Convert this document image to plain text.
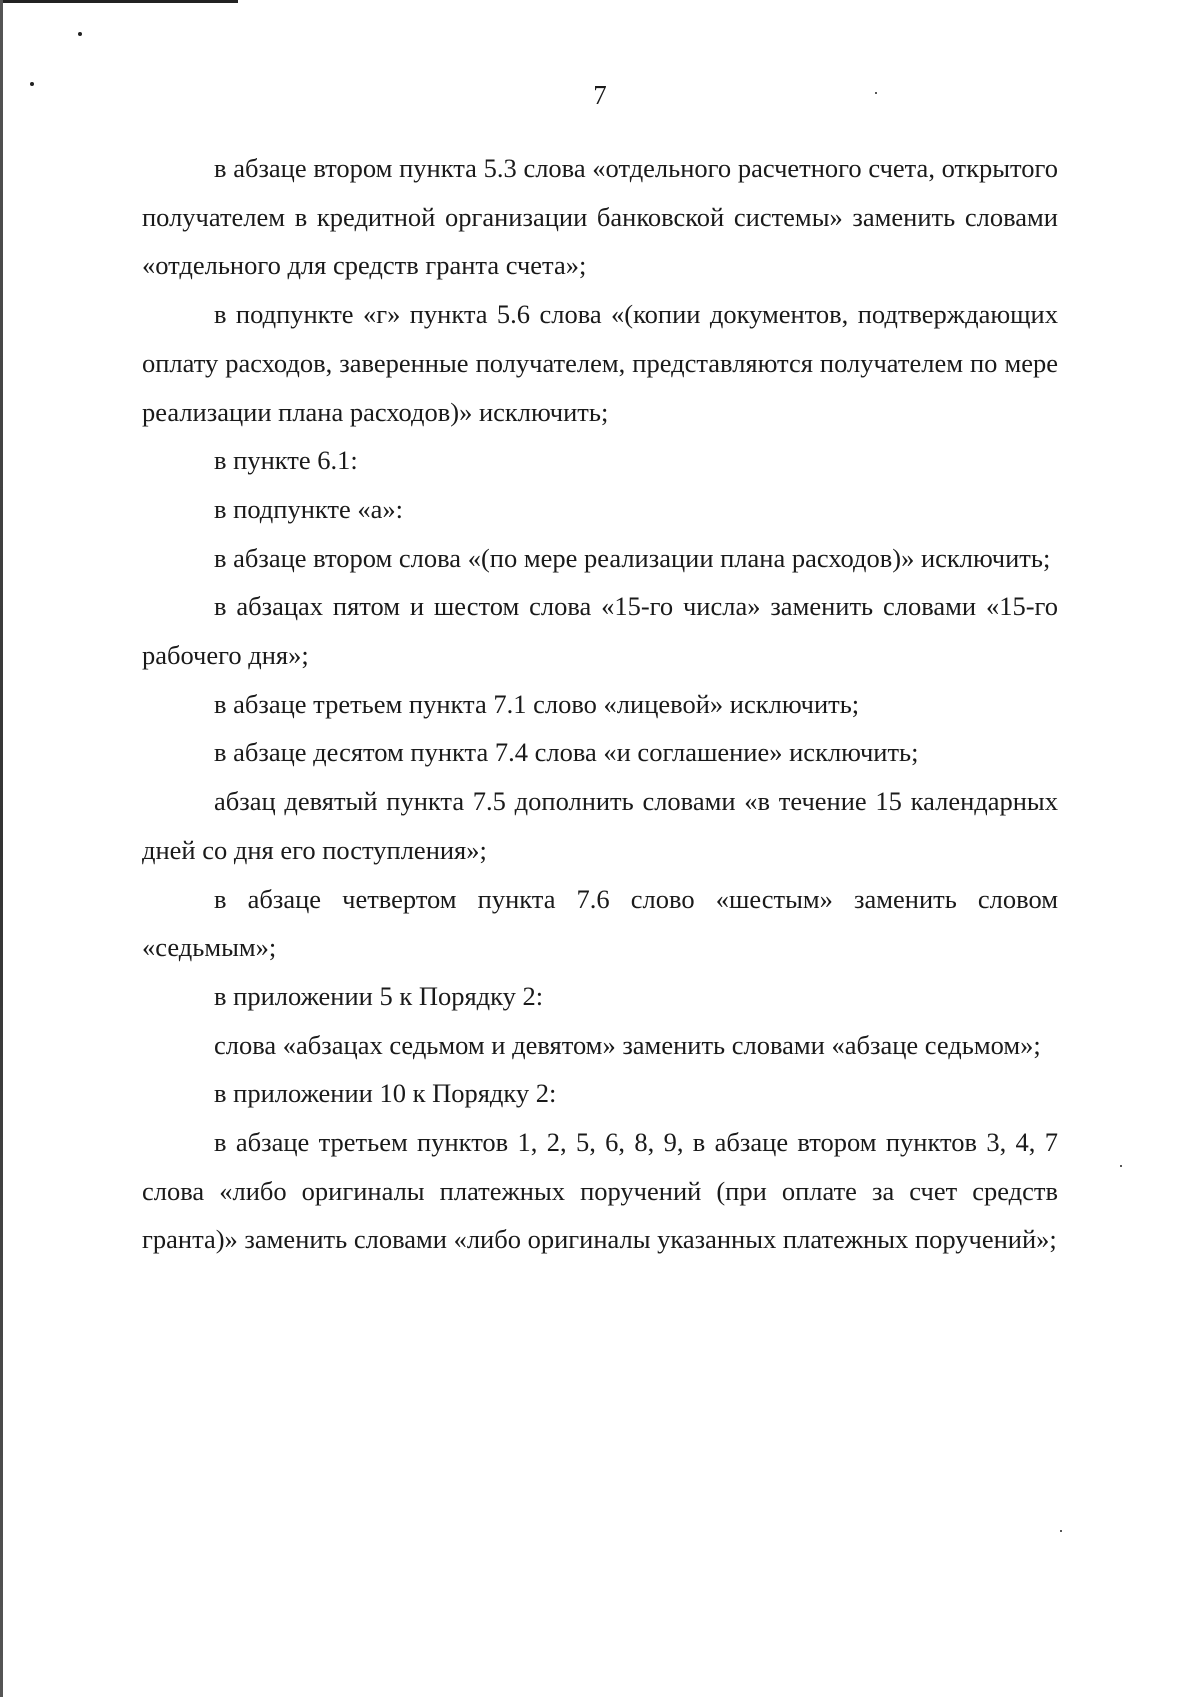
7

в абзаце втором пункта 5.3 слова «отдельного расчетного счета, открытого получателем в кредитной организации банковской системы» заменить словами «отдельного для средств гранта счета»;

в подпункте «г» пункта 5.6 слова «(копии документов, подтверждающих оплату расходов, заверенные получателем, представляются получателем по мере реализации плана расходов)» исключить;

в пункте 6.1:

в подпункте «а»:

в абзаце втором слова «(по мере реализации плана расходов)» исключить;

в абзацах пятом и шестом слова «15-го числа» заменить словами «15-го рабочего дня»;

в абзаце третьем пункта 7.1 слово «лицевой» исключить;

в абзаце десятом пункта 7.4 слова «и соглашение» исключить;

абзац девятый пункта 7.5 дополнить словами «в течение 15 календарных дней со дня его поступления»;

в абзаце четвертом пункта 7.6 слово «шестым» заменить словом «седьмым»;

в приложении 5 к Порядку 2:

слова «абзацах седьмом и девятом» заменить словами «абзаце седьмом»;

в приложении 10 к Порядку 2:

в абзаце третьем пунктов 1, 2, 5, 6, 8, 9, в абзаце втором пунктов 3, 4, 7 слова «либо оригиналы платежных поручений (при оплате за счет средств гранта)» заменить словами «либо оригиналы указанных платежных поручений»;
